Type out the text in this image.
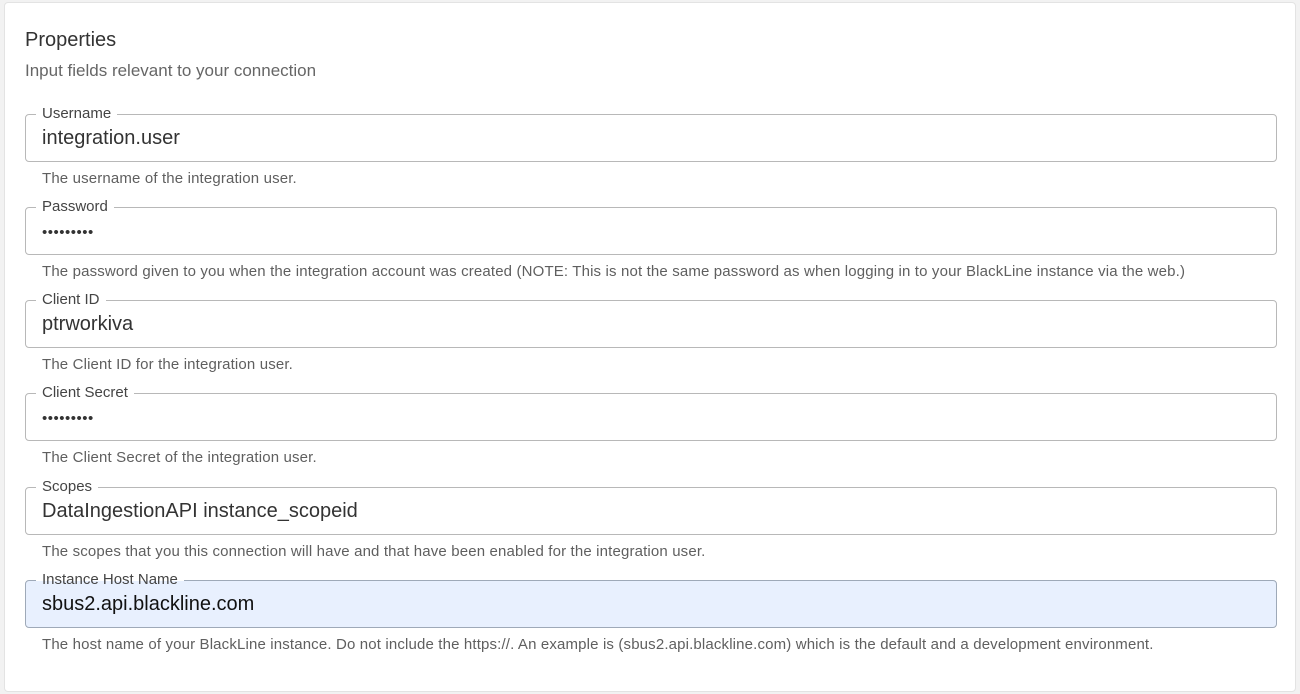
Properties
Input fields relevant to your connection
Username
integration.user
The username of the integration user.
Password
•••••••••
The password given to you when the integration account was created (NOTE: This is not the same password as when logging in to your BlackLine instance via the web.)
Client ID
ptrworkiva
The Client ID for the integration user.
Client Secret
•••••••••
The Client Secret of the integration user.
Scopes
DataIngestionAPI instance_scopeid
The scopes that you this connection will have and that have been enabled for the integration user.
Instance Host Name
sbus2.api.blackline.com
The host name of your BlackLine instance. Do not include the https://. An example is (sbus2.api.blackline.com) which is the default and a development environment.
